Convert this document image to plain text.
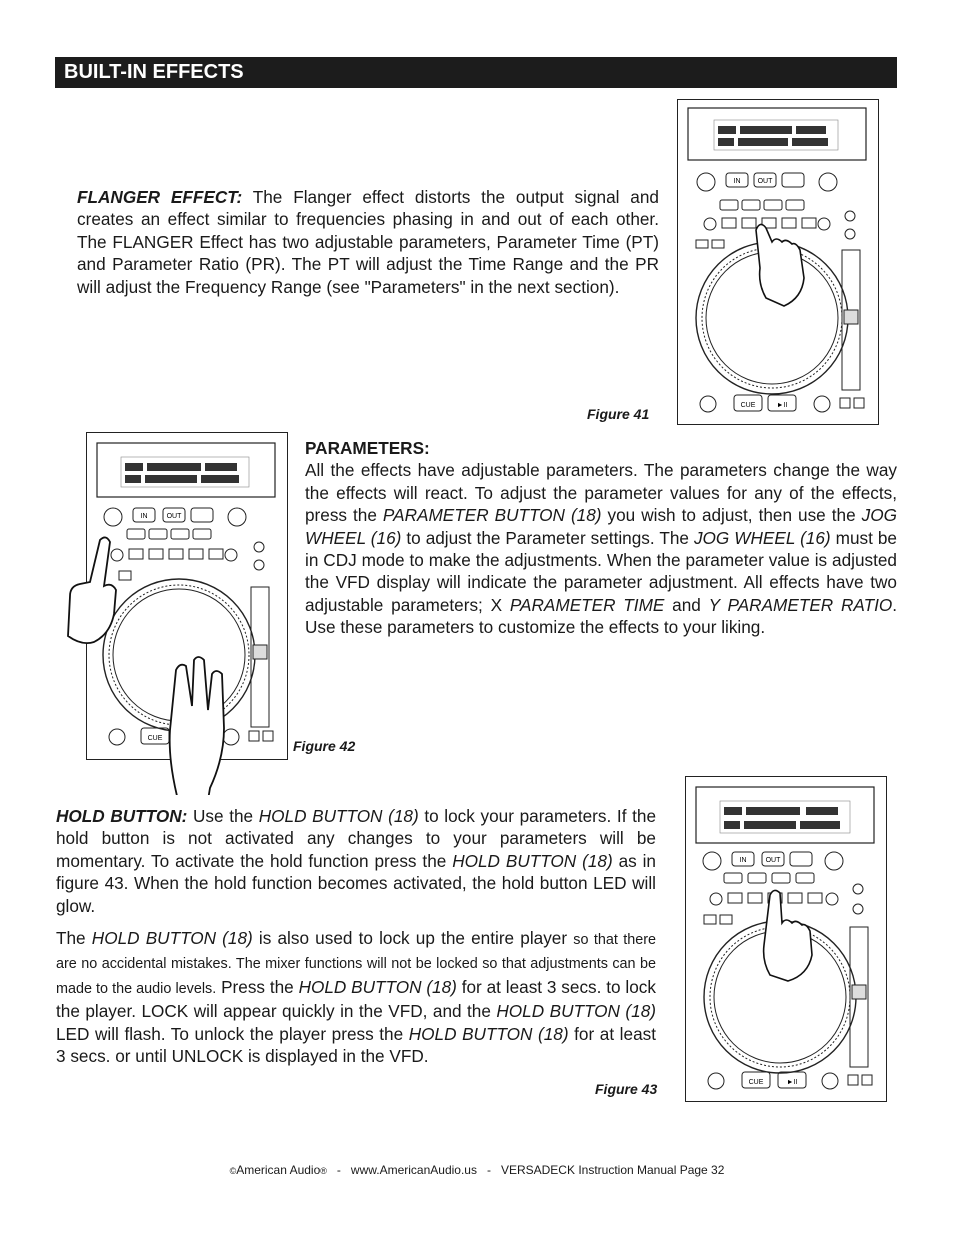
BUILT-IN EFFECTS
FLANGER EFFECT: The Flanger effect distorts the output signal and creates an effect similar to frequencies phasing in and out of each other. The FLANGER Effect has two adjustable parameters, Parameter Time (PT) and Parameter Ratio (PR). The PT will adjust the Time Range and the PR will adjust the Frequency Range (see "Parameters" in the next section).
PARAMETERS:
All the effects have adjustable parameters. The parameters change the way the effects will react. To adjust the parameter values for any of the effects, press the PARAMETER BUTTON (18) you wish to adjust, then use the JOG WHEEL (16) to adjust the Parameter settings. The JOG WHEEL (16) must be in CDJ mode to make the adjustments. When the parameter value is adjusted the VFD display will indicate the parameter adjustment. All effects have two adjustable parameters; X PARAMETER TIME and Y PARAMETER RATIO. Use these parameters to customize the effects to your liking.
HOLD BUTTON: Use the HOLD BUTTON (18) to lock your parameters. If the hold button is not activated any changes to your parameters will be momentary. To activate the hold function press the HOLD BUTTON (18) as in figure 43. When the hold function becomes activated, the hold button LED will glow.
The HOLD BUTTON (18) is also used to lock up the entire player so that there are no accidental mistakes. The mixer functions will not be locked so that adjustments can be made to the audio levels. Press the HOLD BUTTON (18) for at least 3 secs. to lock the player. LOCK will appear quickly in the VFD, and the HOLD BUTTON (18) LED will flash. To unlock the player press the HOLD BUTTON (18) for at least 3 secs. or until UNLOCK is displayed in the VFD.
Figure 41
Figure 42
Figure 43
IN OUT
CUE	►II
IN	OUT
CUE
IN	OUT
CUE	►II
©American Audio®   -   www.AmericanAudio.us   -   VERSADECK Instruction Manual Page 32
